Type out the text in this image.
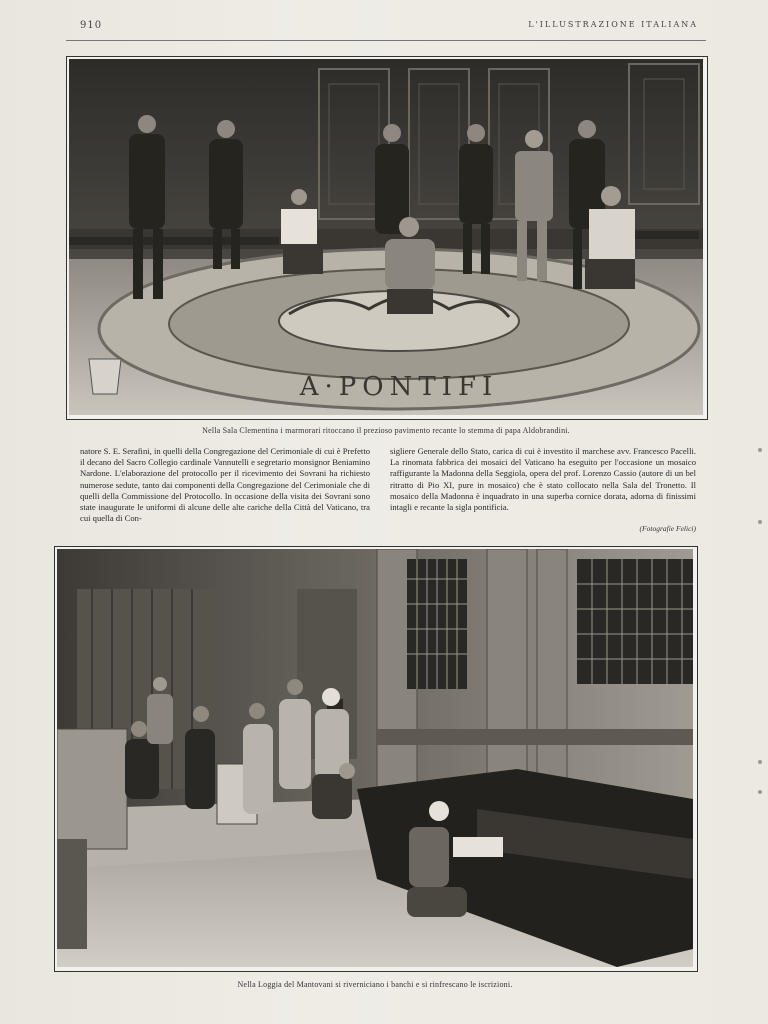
910	L'ILLUSTRAZIONE ITALIANA
A·PONTIFI
Nella Sala Clementina i marmorari ritoccano il prezioso pavimento recante lo stemma di papa Aldobrandini.
natore S. E. Serafini, in quelli della Congregazione del Cerimoniale di cui è Prefetto il decano del Sacro Collegio cardinale Vannutelli e segretario monsignor Beniamino Nardone. L'elaborazione del protocollo per il ricevimento dei Sovrani ha richiesto numerose sedute, tanto dai componenti della Congregazione del Cerimoniale che di quelli della Commissione del Protocollo. In occasione della visita dei Sovrani sono state inaugurate le uniformi di alcune delle alte cariche della Città del Vaticano, tra cui quella di Con-
sigliere Generale dello Stato, carica di cui è investito il marchese avv. Francesco Pacelli. La rinomata fabbrica dei mosaici del Vaticano ha eseguito per l'occasione un mosaico raffigurante la Madonna della Seggiola, opera del prof. Lorenzo Cassio (autore di un bel ritratto di Pio XI, pure in mosaico) che è stato collocato nella Sala del Tronetto. Il mosaico della Madonna è inquadrato in una superba cornice dorata, adorna di finissimi intagli e recante la sigla pontificia.
(Fotografie Felici)
Nella Loggia del Mantovani si riverniciano i banchi e si rinfrescano le iscrizioni.
